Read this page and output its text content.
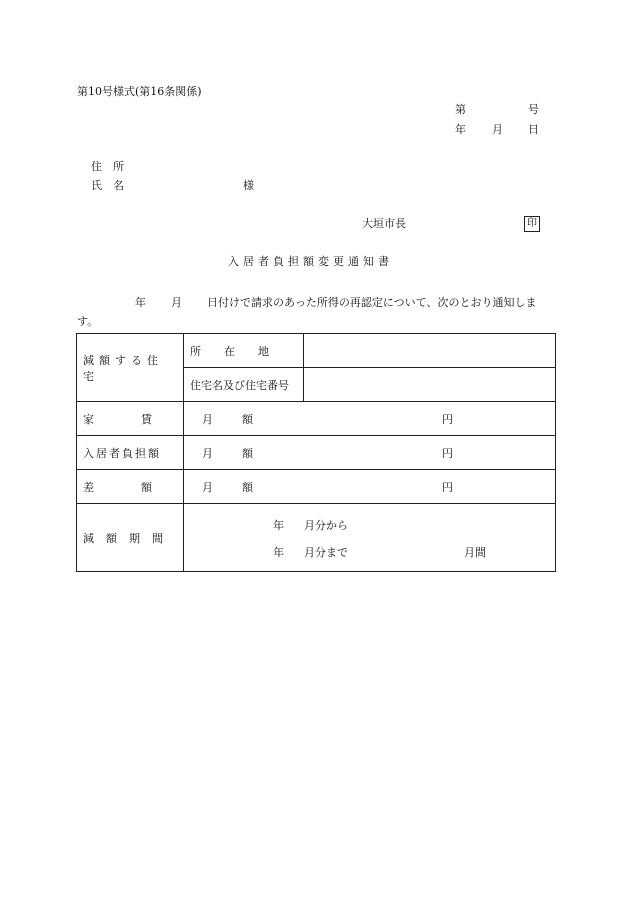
第10号様式(第16条関係)
第	号
年 月 日
住　所
氏　名	様
大垣市長	印
入居者負担額変更通知書
年 月 日付けで請求のあった所得の再認定について、次のとおり通知します。
減額する住宅	所　在　地	
	住宅名及び住宅番号	
家　賃	月 額 円	

入居者負担額	月 額 円	

差　額	月 額 円	

減額期間	年 月分から
年 月分まで 月間	
